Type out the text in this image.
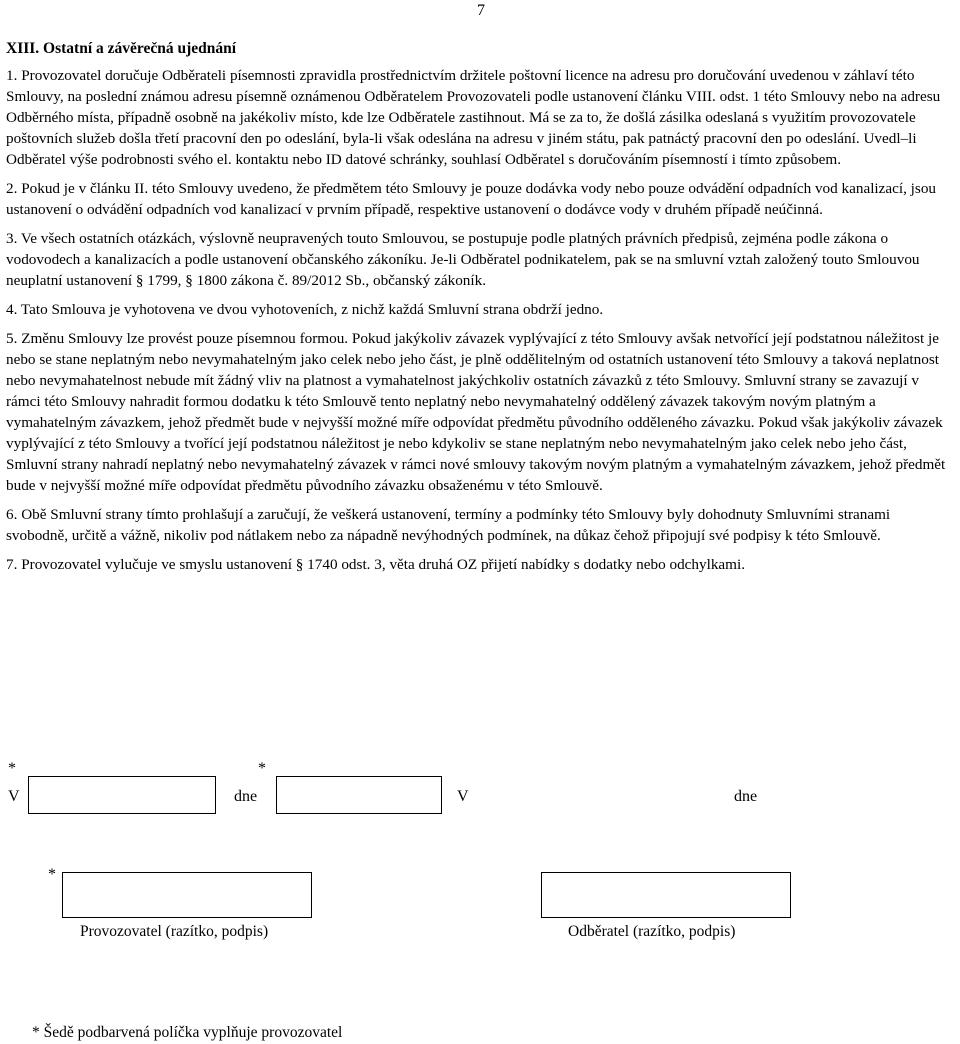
7
XIII. Ostatní a závěrečná ujednání

1. Provozovatel doručuje Odběrateli písemnosti zpravidla prostřednictvím držitele poštovní licence na adresu pro doručování uvedenou v záhlaví této Smlouvy, na poslední známou adresu písemně oznámenou Odběratelem Provozovateli podle ustanovení článku VIII. odst. 1 této Smlouvy nebo na adresu Odběrného místa, případně osobně na jakékoliv místo, kde lze Odběratele zastihnout. Má se za to, že došlá zásilka odeslaná s využitím provozovatele poštovních služeb došla třetí pracovní den po odeslání, byla-li však odeslána na adresu v jiném státu, pak patnáctý pracovní den po odeslání. Uvedl–li Odběratel výše podrobnosti svého el. kontaktu nebo ID datové schránky, souhlasí Odběratel s doručováním písemností i tímto způsobem.

2. Pokud je v článku II. této Smlouvy uvedeno, že předmětem této Smlouvy je pouze dodávka vody nebo pouze odvádění odpadních vod kanalizací, jsou ustanovení o odvádění odpadních vod kanalizací v prvním případě, respektive ustanovení o dodávce vody v druhém případě neúčinná.

3. Ve všech ostatních otázkách, výslovně neupravených touto Smlouvou, se postupuje podle platných právních předpisů, zejména podle zákona o vodovodech a kanalizacích a podle ustanovení občanského zákoníku. Je-li Odběratel podnikatelem, pak se na smluvní vztah založený touto Smlouvou neuplatní ustanovení § 1799, § 1800 zákona č. 89/2012 Sb., občanský zákoník.

4. Tato Smlouva je vyhotovena ve dvou vyhotoveních, z nichž každá Smluvní strana obdrží jedno.

5. Změnu Smlouvy lze provést pouze písemnou formou. Pokud jakýkoliv závazek vyplývající z této Smlouvy avšak netvořící její podstatnou náležitost je nebo se stane neplatným nebo nevymahatelným jako celek nebo jeho část, je plně oddělitelným od ostatních ustanovení této Smlouvy a taková neplatnost nebo nevymahatelnost nebude mít žádný vliv na platnost a vymahatelnost jakýchkoliv ostatních závazků z této Smlouvy. Smluvní strany se zavazují v rámci této Smlouvy nahradit formou dodatku k této Smlouvě tento neplatný nebo nevymahatelný oddělený závazek takovým novým platným a vymahatelným závazkem, jehož předmět bude v nejvyšší možné míře odpovídat předmětu původního odděleného závazku. Pokud však jakýkoliv závazek vyplývající z této Smlouvy a tvořící její podstatnou náležitost je nebo kdykoliv se stane neplatným nebo nevymahatelným jako celek nebo jeho část, Smluvní strany nahradí neplatný nebo nevymahatelný závazek v rámci nové smlouvy takovým novým platným a vymahatelným závazkem, jehož předmět bude v nejvyšší možné míře odpovídat předmětu původního závazku obsaženému v této Smlouvě.

6. Obě Smluvní strany tímto prohlašují a zaručují, že veškerá ustanovení, termíny a podmínky této Smlouvy byly dohodnuty Smluvními stranami svobodně, určitě a vážně, nikoliv pod nátlakem nebo za nápadně nevýhodných podmínek, na důkaz čehož připojují své podpisy k této Smlouvě.

7. Provozovatel vylučuje ve smyslu ustanovení § 1740 odst. 3, věta druhá OZ přijetí nabídky s dodatky nebo odchylkami.

*	*
V	dne	V	dne
*
Provozovatel (razítko, podpis)	Odběratel (razítko, podpis)
* Šedě podbarvená políčka vyplňuje provozovatel
